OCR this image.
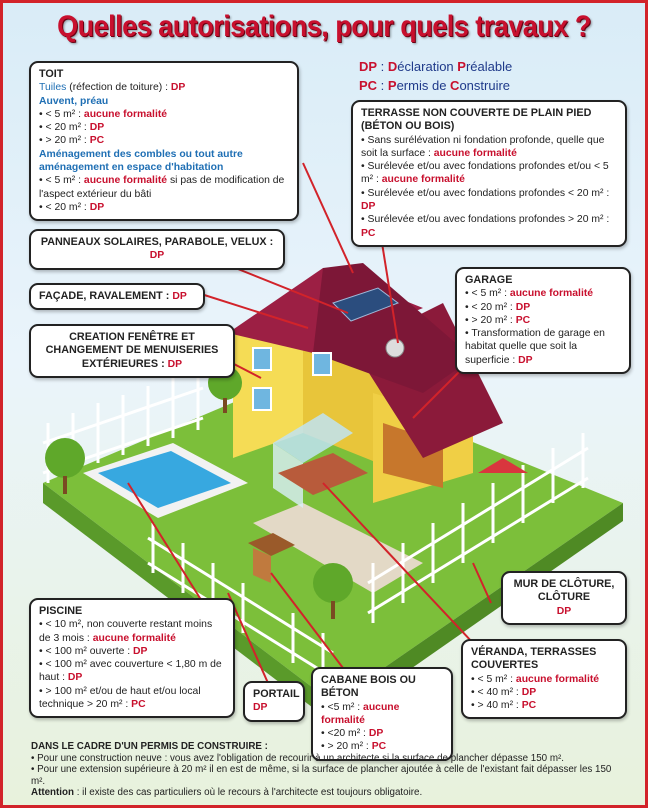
Quelles autorisations, pour quels travaux ?
DP : Déclaration Préalable
PC : Permis de Construire
TOIT
Tuiles (réfection de toiture) : DP
Auvent, préau
• < 5 m² : aucune formalité
• < 20 m² : DP
• > 20 m² : PC
Aménagement des combles ou tout autre aménagement en espace d'habitation
• < 5 m² : aucune formalité si pas de modification de l'aspect extérieur du bâti
• < 20 m² : DP
TERRASSE NON COUVERTE DE PLAIN PIED (BÉTON OU BOIS)
• Sans surélévation ni fondation profonde, quelle que soit la surface : aucune formalité
• Surélevée et/ou avec fondations profondes et/ou < 5 m² : aucune formalité
• Surélevée et/ou avec fondations profondes < 20 m² : DP
• Surélevée et/ou avec fondations profondes > 20 m² : PC
PANNEAUX SOLAIRES, PARABOLE, VELUX :
DP
FAÇADE, RAVALEMENT : DP
CREATION FENÊTRE ET CHANGEMENT DE MENUISERIES EXTÉRIEURES : DP
GARAGE
• < 5 m² : aucune formalité
• < 20 m² : DP
• > 20 m² : PC
• Transformation de garage en habitat quelle que soit la superficie : DP
PISCINE
• < 10 m², non couverte restant moins de 3 mois : aucune formalité
• < 100 m² ouverte : DP
• < 100 m² avec couverture < 1,80 m de haut : DP
• > 100 m² et/ou de haut et/ou local technique > 20 m² : PC
PORTAIL
DP
CABANE BOIS OU BÉTON
• <5 m² : aucune formalité
• <20 m² : DP
• > 20 m² : PC
MUR DE CLÔTURE, CLÔTURE
DP
VÉRANDA, TERRASSES COUVERTES
• < 5 m² : aucune formalité
• < 40 m² : DP
• > 40 m² : PC
DANS LE CADRE D'UN PERMIS DE CONSTRUIRE :
• Pour une construction neuve : vous avez l'obligation de recourir à un architecte si la surface de plancher dépasse 150 m².
• Pour une extension supérieure à 20 m² il en est de même, si la surface de plancher ajoutée à celle de l'existant fait dépasser les 150 m².
Attention : il existe des cas particuliers où le recours à l'architecte est toujours obligatoire.
